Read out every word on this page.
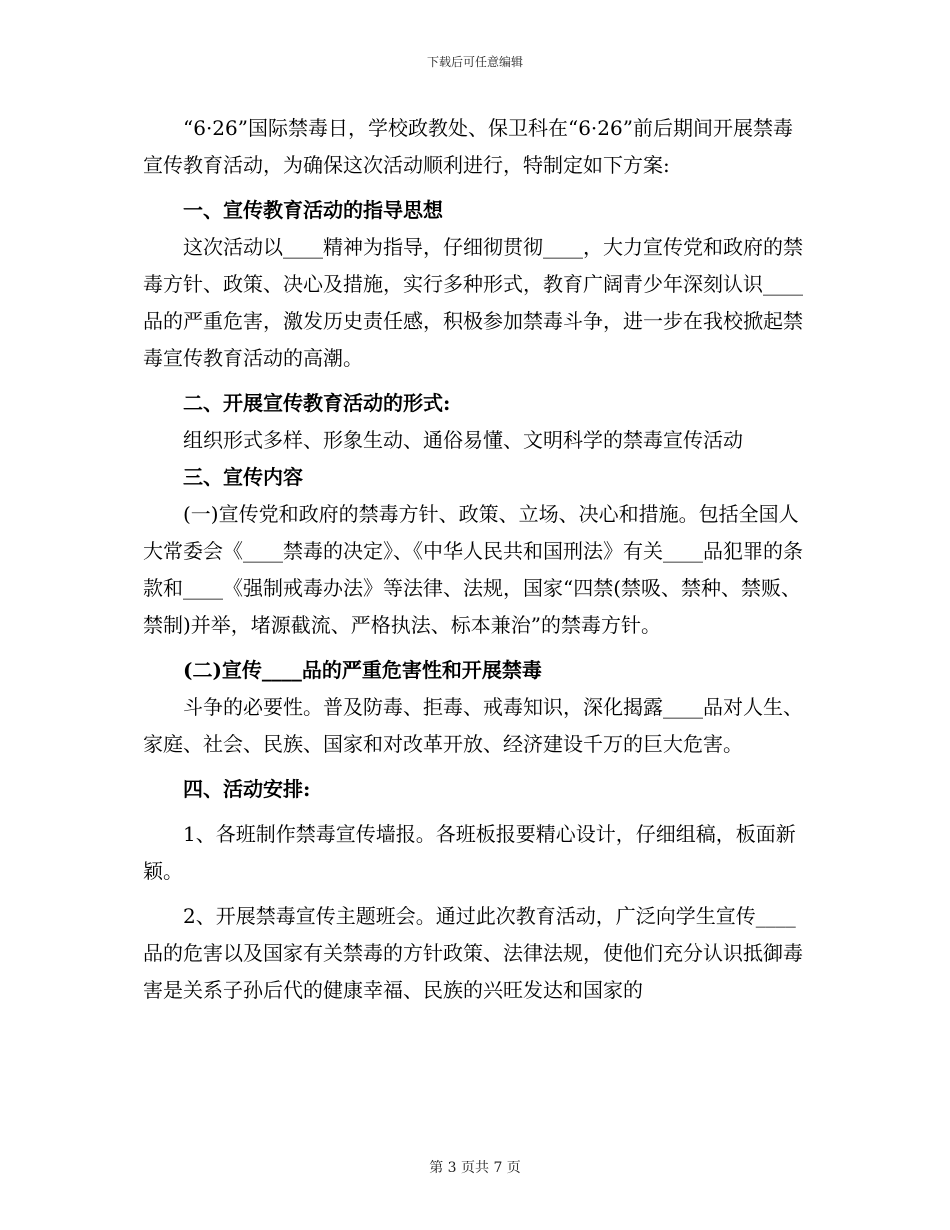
下载后可任意编辑

“6·26”国际禁毒日，学校政教处、保卫科在“6·26”前后期间开展禁毒宣传教育活动，为确保这次活动顺利进行，特制定如下方案:

一、宣传教育活动的指导思想

这次活动以____精神为指导，仔细彻贯彻____，大力宣传党和政府的禁毒方针、政策、决心及措施，实行多种形式，教育广阔青少年深刻认识____品的严重危害，激发历史责任感，积极参加禁毒斗争，进一步在我校掀起禁毒宣传教育活动的高潮。

二、开展宣传教育活动的形式:

组织形式多样、形象生动、通俗易懂、文明科学的禁毒宣传活动

三、宣传内容

(一)宣传党和政府的禁毒方针、政策、立场、决心和措施。包括全国人大常委会《____禁毒的决定》、《中华人民共和国刑法》有关____品犯罪的条款和____《强制戒毒办法》等法律、法规，国家“四禁(禁吸、禁种、禁贩、禁制)并举，堵源截流、严格执法、标本兼治”的禁毒方针。

(二)宣传____品的严重危害性和开展禁毒

斗争的必要性。普及防毒、拒毒、戒毒知识，深化揭露____品对人生、家庭、社会、民族、国家和对改革开放、经济建设千万的巨大危害。

四、活动安排:

1、各班制作禁毒宣传墙报。各班板报要精心设计，仔细组稿，板面新颖。

2、开展禁毒宣传主题班会。通过此次教育活动，广泛向学生宣传____品的危害以及国家有关禁毒的方针政策、法律法规，使他们充分认识抵御毒害是关系子孙后代的健康幸福、民族的兴旺发达和国家的

第 3 页共 7 页
